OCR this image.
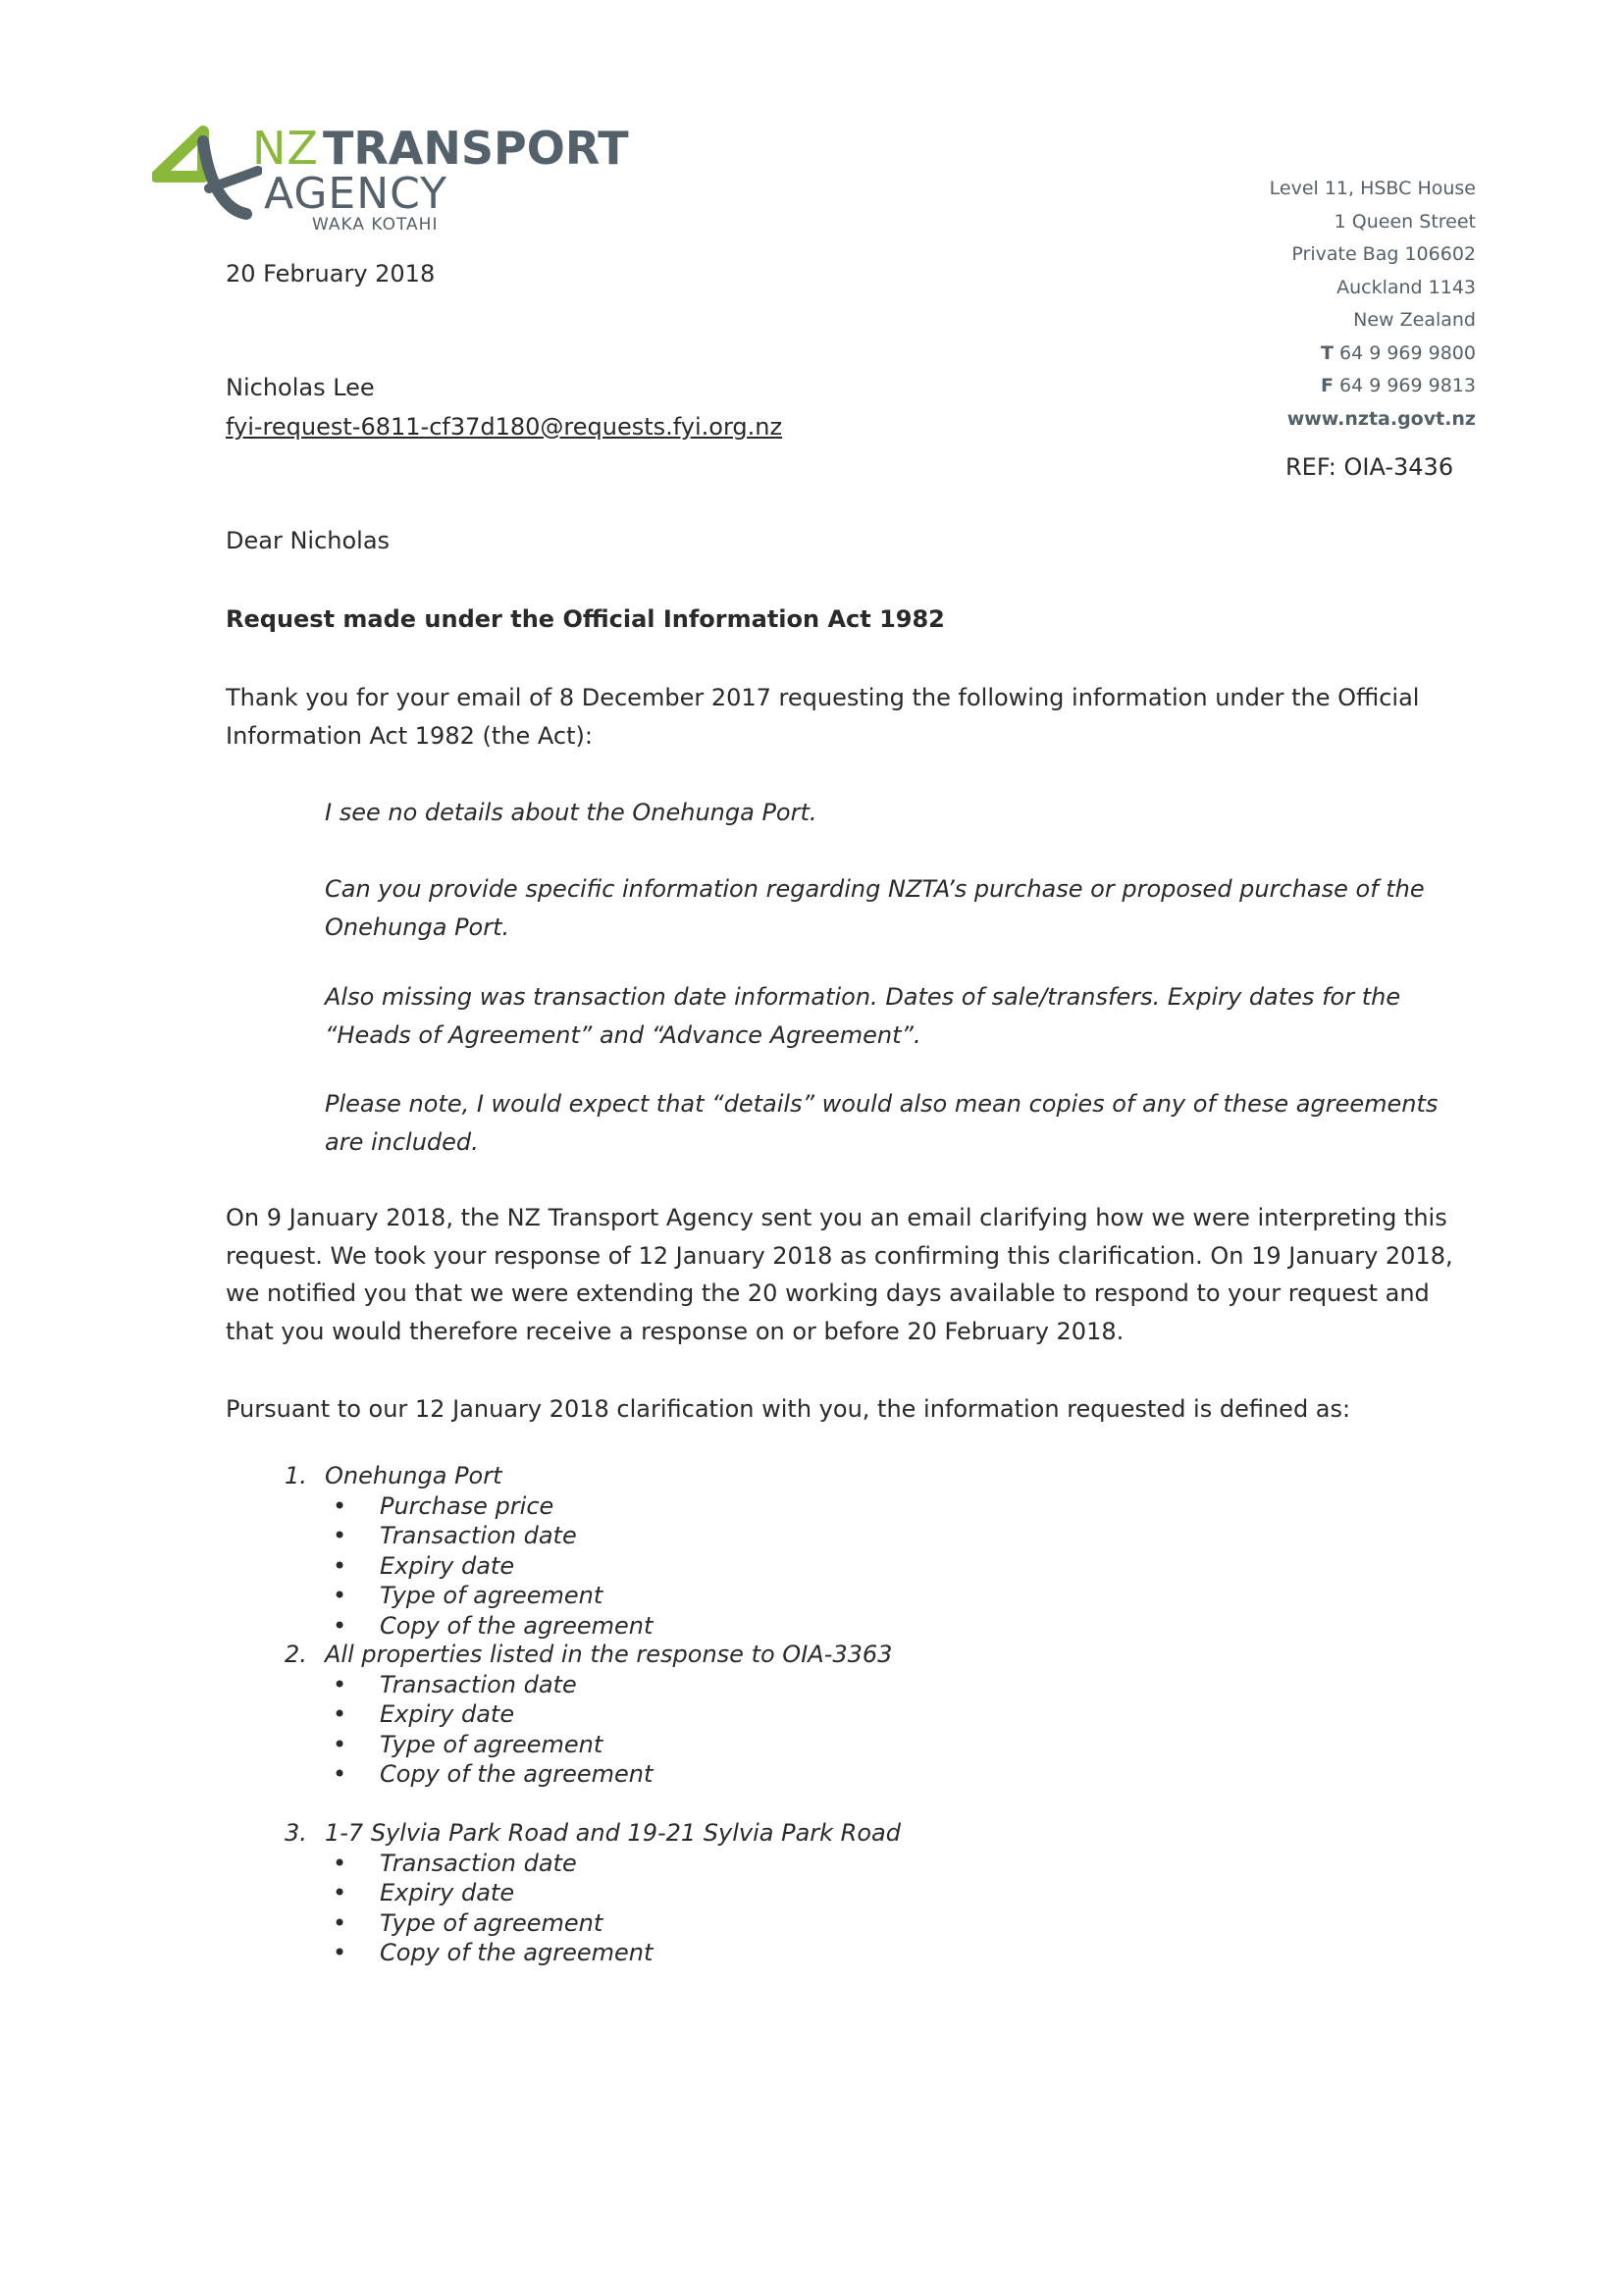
NZ TRANSPORT
AGENCY
WAKA KOTAHI
Level 11, HSBC House
1 Queen Street
Private Bag 106602
Auckland 1143
New Zealand
T 64 9 969 9800
F 64 9 969 9813
www.nzta.govt.nz
REF: OIA-3436
20 February 2018
Nicholas Lee
fyi-request-6811-cf37d180@requests.fyi.org.nz
Dear Nicholas
Request made under the Official Information Act 1982
Thank you for your email of 8 December 2017 requesting the following information under the Official Information Act 1982 (the Act):
I see no details about the Onehunga Port.
Can you provide specific information regarding NZTA’s purchase or proposed purchase of the Onehunga Port.
Also missing was transaction date information. Dates of sale/transfers. Expiry dates for the “Heads of Agreement” and “Advance Agreement”.
Please note, I would expect that “details” would also mean copies of any of these agreements are included.
On 9 January 2018, the NZ Transport Agency sent you an email clarifying how we were interpreting this request. We took your response of 12 January 2018 as confirming this clarification. On 19 January 2018, we notified you that we were extending the 20 working days available to respond to your request and that you would therefore receive a response on or before 20 February 2018.
Pursuant to our 12 January 2018 clarification with you, the information requested is defined as:
1. Onehunga Port
• Purchase price
• Transaction date
• Expiry date
• Type of agreement
• Copy of the agreement
2. All properties listed in the response to OIA-3363
• Transaction date
• Expiry date
• Type of agreement
• Copy of the agreement
3. 1-7 Sylvia Park Road and 19-21 Sylvia Park Road
• Transaction date
• Expiry date
• Type of agreement
• Copy of the agreement
